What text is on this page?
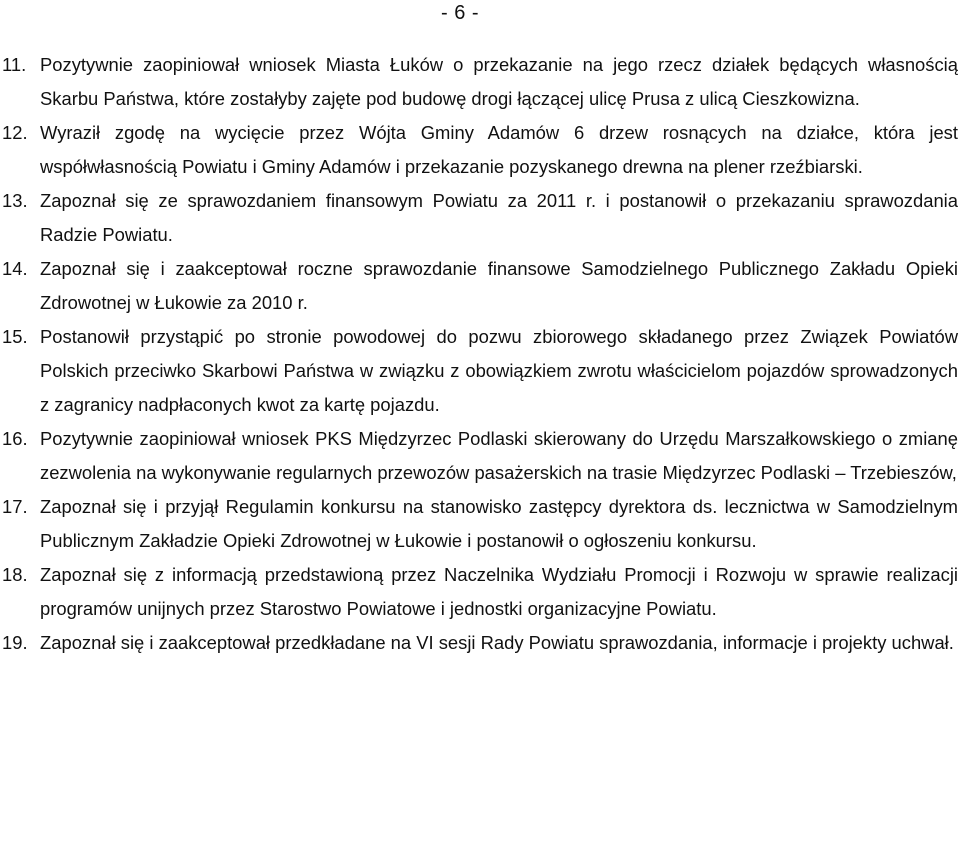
- 6 -
11. Pozytywnie zaopiniował wniosek Miasta Łuków o przekazanie na jego rzecz działek będących własnością Skarbu Państwa, które zostałyby zajęte pod budowę drogi łączącej ulicę Prusa z ulicą Cieszkowizna.
12. Wyraził zgodę na wycięcie przez Wójta Gminy Adamów 6 drzew rosnących na działce, która jest współwłasnością Powiatu i Gminy Adamów i przekazanie pozyskanego drewna na plener rzeźbiarski.
13. Zapoznał się ze sprawozdaniem finansowym Powiatu za 2011 r. i postanowił o przekazaniu sprawozdania Radzie Powiatu.
14. Zapoznał się i zaakceptował roczne sprawozdanie finansowe Samodzielnego Publicznego Zakładu Opieki Zdrowotnej w Łukowie za 2010 r.
15. Postanowił przystąpić po stronie powodowej do pozwu zbiorowego składanego przez Związek Powiatów Polskich przeciwko Skarbowi Państwa w związku z obowiązkiem zwrotu właścicielom pojazdów sprowadzonych z zagranicy nadpłaconych kwot za kartę pojazdu.
16. Pozytywnie zaopiniował wniosek PKS Międzyrzec Podlaski skierowany do Urzędu Marszałkowskiego o zmianę zezwolenia na wykonywanie regularnych przewozów pasażerskich na trasie Międzyrzec Podlaski – Trzebieszów,
17. Zapoznał się i przyjął Regulamin konkursu na stanowisko zastępcy dyrektora ds. lecznictwa w Samodzielnym Publicznym Zakładzie Opieki Zdrowotnej w Łukowie i postanowił o ogłoszeniu konkursu.
18. Zapoznał się z informacją przedstawioną przez Naczelnika Wydziału Promocji i Rozwoju w sprawie realizacji programów unijnych przez Starostwo Powiatowe i jednostki organizacyjne Powiatu.
19. Zapoznał się i zaakceptował przedkładane na VI sesji Rady Powiatu sprawozdania, informacje i projekty uchwał.
